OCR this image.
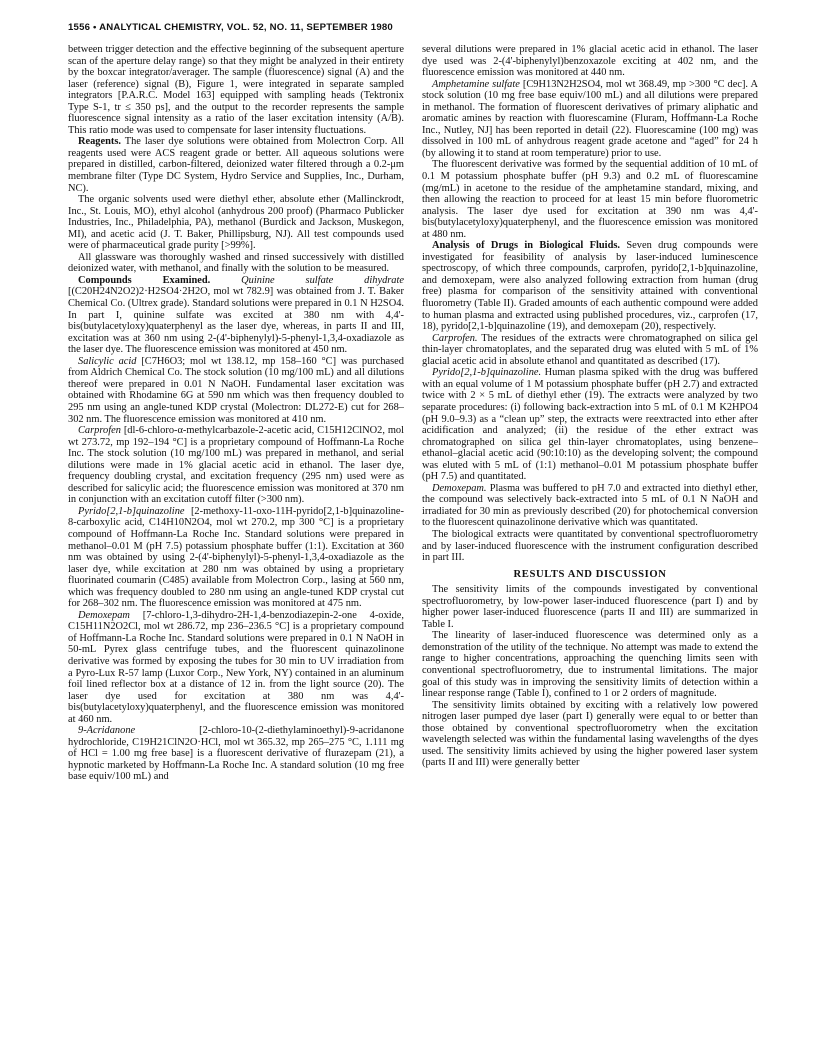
1556 • ANALYTICAL CHEMISTRY, VOL. 52, NO. 11, SEPTEMBER 1980

between trigger detection and the effective beginning of the subsequent aperture scan of the aperture delay range) so that they might be analyzed in their entirety by the boxcar integrator/averager. The sample (fluorescence) signal (A) and the laser (reference) signal (B), Figure 1, were integrated in separate sampled integrators [P.A.R.C. Model 163] equipped with sampling heads (Tektronix Type S-1, tr ≤ 350 ps], and the output to the recorder represents the sample fluorescence signal intensity as a ratio of the laser excitation intensity (A/B). This ratio mode was used to compensate for laser intensity fluctuations.

Reagents. The laser dye solutions were obtained from Molectron Corp. All reagents used were ACS reagent grade or better. All aqueous solutions were prepared in distilled, carbon-filtered, deionized water filtered through a 0.2-μm membrane filter (Type DC System, Hydro Service and Supplies, Inc., Durham, NC).

The organic solvents used were diethyl ether, absolute ether (Mallinckrodt, Inc., St. Louis, MO), ethyl alcohol (anhydrous 200 proof) (Pharmaco Publicker Industries, Inc., Philadelphia, PA), methanol (Burdick and Jackson, Muskegon, MI), and acetic acid (J. T. Baker, Phillipsburg, NJ). All test compounds used were of pharmaceutical grade purity [>99%].

All glassware was thoroughly washed and rinsed successively with distilled deionized water, with methanol, and finally with the solution to be measured.

Compounds Examined.	Quinine sulfate dihydrate [(C20H24N2O2)2·H2SO4·2H2O, mol wt 782.9] was obtained from J. T. Baker Chemical Co. (Ultrex grade). Standard solutions were prepared in 0.1 N H2SO4. In part I, quinine sulfate was excited at 380 nm with 4,4'-bis(butylacetyloxy)quaterphenyl as the laser dye, whereas, in parts II and III, excitation was at 360 nm using 2-(4'-biphenylyl)-5-phenyl-1,3,4-oxadiazole as the laser dye. The fluorescence emission was monitored at 450 nm.

Salicylic acid [C7H6O3; mol wt 138.12, mp 158–160 °C] was purchased from Aldrich Chemical Co. The stock solution (10 mg/100 mL) and all dilutions thereof were prepared in 0.01 N NaOH. Fundamental laser excitation was obtained with Rhodamine 6G at 590 nm which was then frequency doubled to 295 nm using an angle-tuned KDP crystal (Molectron: DL272-E) cut for 268–302 nm. The fluorescence emission was monitored at 410 nm.

Carprofen [dl-6-chloro-α-methylcarbazole-2-acetic acid, C15H12ClNO2, mol wt 273.72, mp 192–194 °C] is a proprietary compound of Hoffmann-La Roche Inc. The stock solution (10 mg/100 mL) was prepared in methanol, and serial dilutions were made in 1% glacial acetic acid in ethanol. The laser dye, frequency doubling crystal, and excitation frequency (295 nm) used were as described for salicylic acid; the fluorescence emission was monitored at 370 nm in conjunction with an excitation cutoff filter (>300 nm).

Pyrido[2,1-b]quinazoline [2-methoxy-11-oxo-11H-pyrido[2,1-b]quinazoline-8-carboxylic acid, C14H10N2O4, mol wt 270.2, mp 300 °C] is a proprietary compound of Hoffmann-La Roche Inc. Standard solutions were prepared in methanol–0.01 M (pH 7.5) potassium phosphate buffer (1:1). Excitation at 360 nm was obtained by using 2-(4'-biphenylyl)-5-phenyl-1,3,4-oxadiazole as the laser dye, while excitation at 280 nm was obtained by using a proprietary fluorinated coumarin (C485) available from Molectron Corp., lasing at 560 nm, which was frequency doubled to 280 nm using an angle-tuned KDP crystal cut for 268–302 nm. The fluorescence emission was monitored at 475 nm.

Demoxepam [7-chloro-1,3-dihydro-2H-1,4-benzodiazepin-2-one 4-oxide, C15H11N2O2Cl, mol wt 286.72, mp 236–236.5 °C] is a proprietary compound of Hoffmann-La Roche Inc. Standard solutions were prepared in 0.1 N NaOH in 50-mL Pyrex glass centrifuge tubes, and the fluorescent quinazolinone derivative was formed by exposing the tubes for 30 min to UV irradiation from a Pyro-Lux R-57 lamp (Luxor Corp., New York, NY) contained in an aluminum foil lined reflector box at a distance of 12 in. from the light source (20). The laser dye used for excitation at 380 nm was 4,4'-bis(butylacetyloxy)quaterphenyl, and the fluorescence emission was monitored at 460 nm.

9-Acridanone	[2-chloro-10-(2-diethylaminoethyl)-9-acridanone hydrochloride, C19H21ClN2O·HCl, mol wt 365.32, mp 265–275 °C, 1.111 mg of HCl = 1.00 mg free base] is a fluorescent derivative of flurazepam (21), a hypnotic marketed by Hoffmann-La Roche Inc. A standard solution (10 mg free base equiv/100 mL) and

several dilutions were prepared in 1% glacial acetic acid in ethanol. The laser dye used was 2-(4'-biphenylyl)benzoxazole exciting at 402 nm, and the fluorescence emission was monitored at 440 nm.

Amphetamine sulfate [C9H13N2H2SO4, mol wt 368.49, mp >300 °C dec]. A stock solution (10 mg free base equiv/100 mL) and all dilutions were prepared in methanol. The formation of fluorescent derivatives of primary aliphatic and aromatic amines by reaction with fluorescamine (Fluram, Hoffmann-La Roche Inc., Nutley, NJ] has been reported in detail (22). Fluorescamine (100 mg) was dissolved in 100 mL of anhydrous reagent grade acetone and “aged” for 24 h (by allowing it to stand at room temperature) prior to use.

The fluorescent derivative was formed by the sequential addition of 10 mL of 0.1 M potassium phosphate buffer (pH 9.3) and 0.2 mL of fluorescamine (mg/mL) in acetone to the residue of the amphetamine standard, mixing, and then allowing the reaction to proceed for at least 15 min before fluorometric analysis. The laser dye used for excitation at 390 nm was 4,4'-bis(butylacetyloxy)quaterphenyl, and the fluorescence emission was monitored at 480 nm.

Analysis of Drugs in Biological Fluids. Seven drug compounds were investigated for feasibility of analysis by laser-induced luminescence spectroscopy, of which three compounds, carprofen, pyrido[2,1-b]quinazoline, and demoxepam, were also analyzed following extraction from human (drug free) plasma for comparison of the sensitivity attained with conventional fluorometry (Table II). Graded amounts of each authentic compound were added to human plasma and extracted using published procedures, viz., carprofen (17, 18), pyrido[2,1-b]quinazoline (19), and demoxepam (20), respectively.

Carprofen. The residues of the extracts were chromatographed on silica gel thin-layer chromatoplates, and the separated drug was eluted with 5 mL of 1% glacial acetic acid in absolute ethanol and quantitated as described (17).

Pyrido[2,1-b]quinazoline. Human plasma spiked with the drug was buffered with an equal volume of 1 M potassium phosphate buffer (pH 2.7) and extracted twice with 2 × 5 mL of diethyl ether (19). The extracts were analyzed by two separate procedures: (i) following back-extraction into 5 mL of 0.1 M K2HPO4 (pH 9.0–9.3) as a “clean up” step, the extracts were reextracted into ether after acidification and analyzed; (ii) the residue of the ether extract was chromatographed on silica gel thin-layer chromatoplates, using benzene–ethanol–glacial acetic acid (90:10:10) as the developing solvent; the compound was eluted with 5 mL of (1:1) methanol–0.01 M potassium phosphate buffer (pH 7.5) and quantitated.

Demoxepam. Plasma was buffered to pH 7.0 and extracted into diethyl ether, the compound was selectively back-extracted into 5 mL of 0.1 N NaOH and irradiated for 30 min as previously described (20) for photochemical conversion to the fluorescent quinazolinone derivative which was quantitated.

The biological extracts were quantitated by conventional spectrofluorometry and by laser-induced fluorescence with the instrument configuration described in part III.

RESULTS AND DISCUSSION

The sensitivity limits of the compounds investigated by conventional spectrofluorometry, by low-power laser-induced fluorescence (part I) and by higher power laser-induced fluorescence (parts II and III) are summarized in Table I.

The linearity of laser-induced fluorescence was determined only as a demonstration of the utility of the technique. No attempt was made to extend the range to higher concentrations, approaching the quenching limits seen with conventional spectrofluorometry, due to instrumental limitations. The major goal of this study was in improving the sensitivity limits of detection within a linear response range (Table I), confined to 1 or 2 orders of magnitude.

The sensitivity limits obtained by exciting with a relatively low powered nitrogen laser pumped dye laser (part I) generally were equal to or better than those obtained by conventional spectrofluorometry when the excitation wavelength selected was within the fundamental lasing wavelengths of the dyes used. The sensitivity limits achieved by using the higher powered laser system (parts II and III) were generally better
